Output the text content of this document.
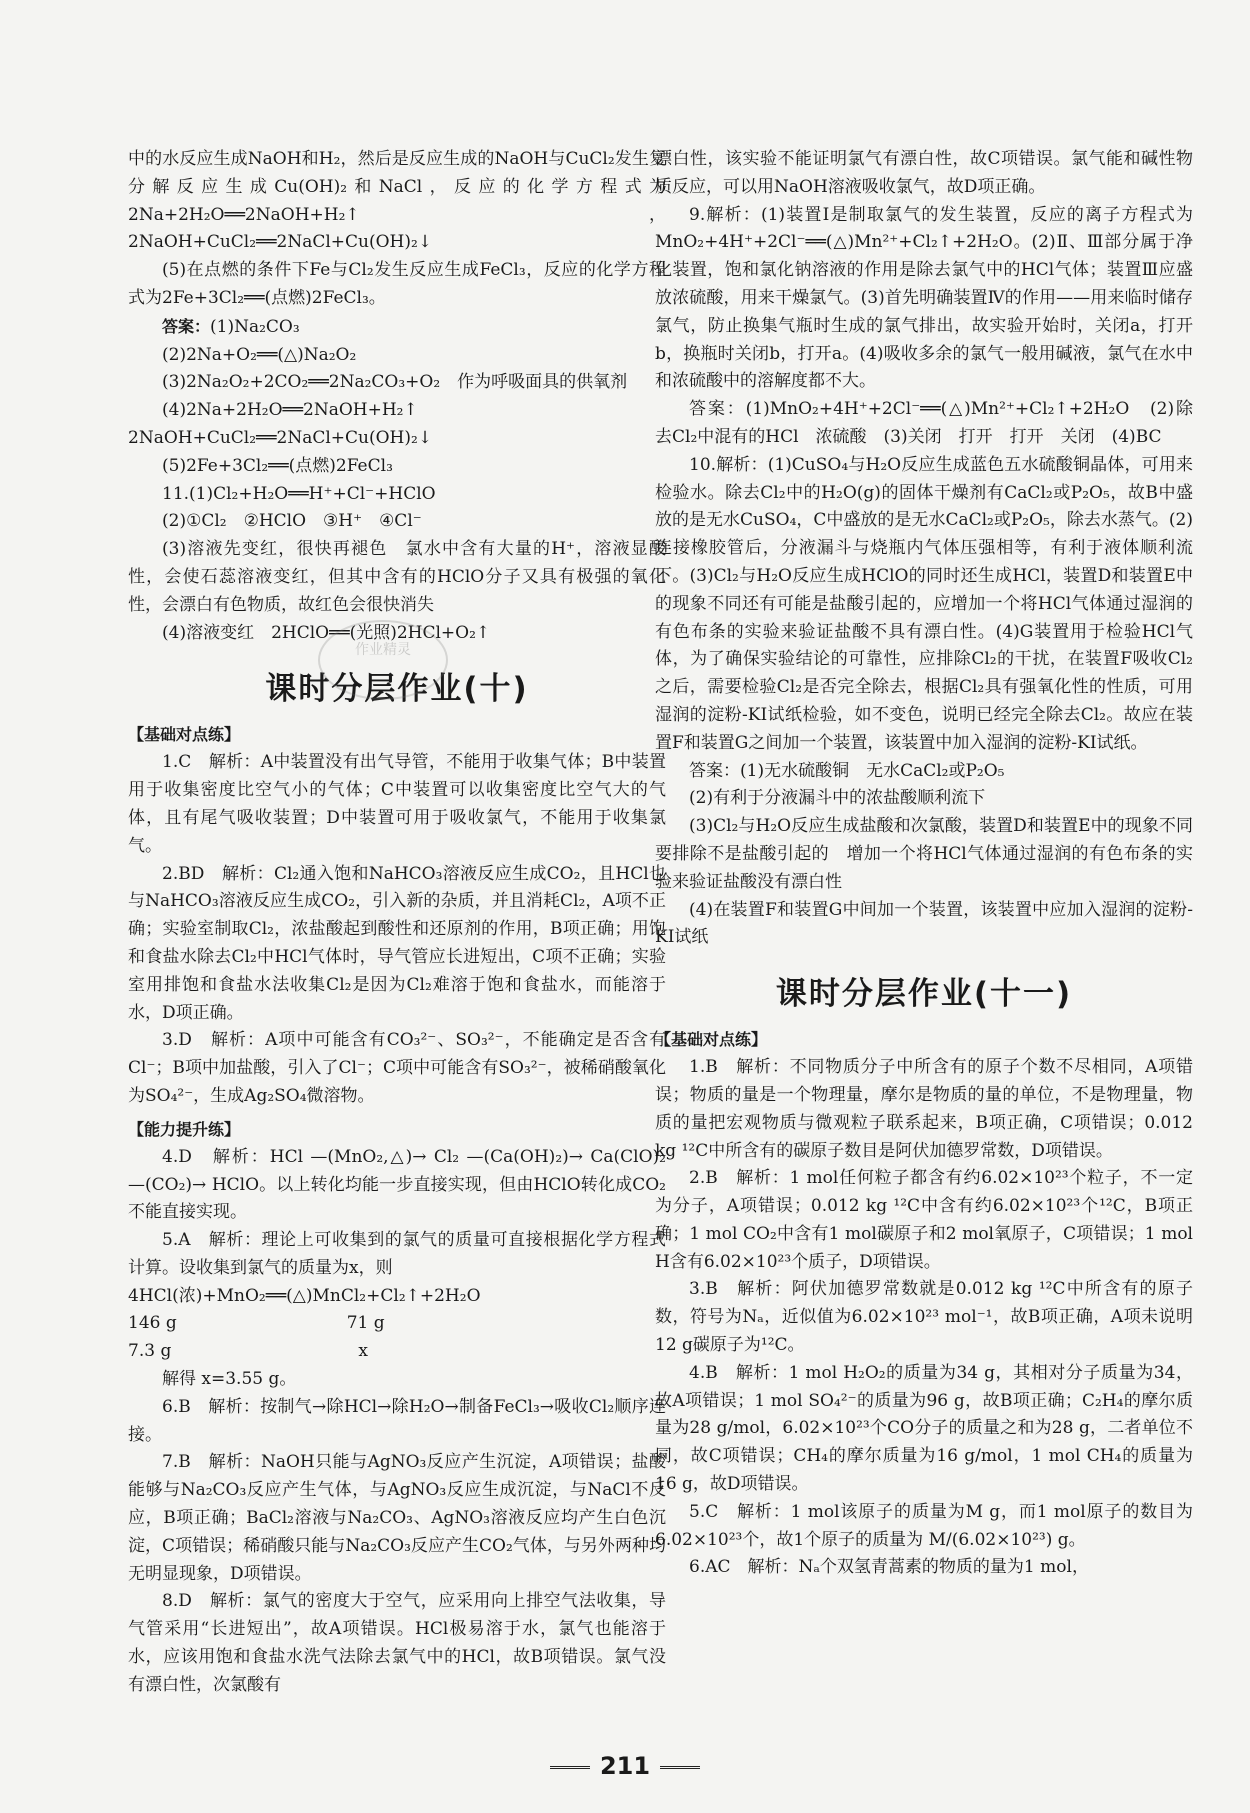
中的水反应生成NaOH和H₂，然后是反应生成的NaOH与CuCl₂发生复分解反应生成Cu(OH)₂和NaCl，反应的化学方程式为2Na+2H₂O══2NaOH+H₂↑，2NaOH+CuCl₂══2NaCl+Cu(OH)₂↓

(5)在点燃的条件下Fe与Cl₂发生反应生成FeCl₃，反应的化学方程式为2Fe+3Cl₂══(点燃)2FeCl₃。

答案：(1)Na₂CO₃

(2)2Na+O₂══(△)Na₂O₂

(3)2Na₂O₂+2CO₂══2Na₂CO₃+O₂　作为呼吸面具的供氧剂

(4)2Na+2H₂O══2NaOH+H₂↑　2NaOH+CuCl₂══2NaCl+Cu(OH)₂↓

(5)2Fe+3Cl₂══(点燃)2FeCl₃

11.(1)Cl₂+H₂O══H⁺+Cl⁻+HClO

(2)①Cl₂　②HClO　③H⁺　④Cl⁻

(3)溶液先变红，很快再褪色　氯水中含有大量的H⁺，溶液显酸性，会使石蕊溶液变红，但其中含有的HClO分子又具有极强的氧化性，会漂白有色物质，故红色会很快消失

(4)溶液变红　2HClO══(光照)2HCl+O₂↑

课时分层作业(十)
【基础对点练】

1.C　解析：A中装置没有出气导管，不能用于收集气体；B中装置用于收集密度比空气小的气体；C中装置可以收集密度比空气大的气体，且有尾气吸收装置；D中装置可用于吸收氯气，不能用于收集氯气。

2.BD　解析：Cl₂通入饱和NaHCO₃溶液反应生成CO₂，且HCl也与NaHCO₃溶液反应生成CO₂，引入新的杂质，并且消耗Cl₂，A项不正确；实验室制取Cl₂，浓盐酸起到酸性和还原剂的作用，B项正确；用饱和食盐水除去Cl₂中HCl气体时，导气管应长进短出，C项不正确；实验室用排饱和食盐水法收集Cl₂是因为Cl₂难溶于饱和食盐水，而能溶于水，D项正确。

3.D　解析：A项中可能含有CO₃²⁻、SO₃²⁻，不能确定是否含有Cl⁻；B项中加盐酸，引入了Cl⁻；C项中可能含有SO₃²⁻，被稀硝酸氧化为SO₄²⁻，生成Ag₂SO₄微溶物。

【能力提升练】

4.D　解析：HCl —(MnO₂,△)→ Cl₂ —(Ca(OH)₂)→ Ca(ClO)₂ —(CO₂)→ HClO。以上转化均能一步直接实现，但由HClO转化成CO₂不能直接实现。

5.A　解析：理论上可收集到的氯气的质量可直接根据化学方程式计算。设收集到氯气的质量为x，则

4HCl(浓)+MnO₂══(△)MnCl₂+Cl₂↑+2H₂O

146 g　　　　　　　　　　71 g

7.3 g　　　　　　　　　　　x

解得 x=3.55 g。

6.B　解析：按制气→除HCl→除H₂O→制备FeCl₃→吸收Cl₂顺序连接。

7.B　解析：NaOH只能与AgNO₃反应产生沉淀，A项错误；盐酸能够与Na₂CO₃反应产生气体，与AgNO₃反应生成沉淀，与NaCl不反应，B项正确；BaCl₂溶液与Na₂CO₃、AgNO₃溶液反应均产生白色沉淀，C项错误；稀硝酸只能与Na₂CO₃反应产生CO₂气体，与另外两种均无明显现象，D项错误。

8.D　解析：氯气的密度大于空气，应采用向上排空气法收集，导气管采用“长进短出”，故A项错误。HCl极易溶于水，氯气也能溶于水，应该用饱和食盐水洗气法除去氯气中的HCl，故B项错误。氯气没有漂白性，次氯酸有

作业精灵

漂白性，该实验不能证明氯气有漂白性，故C项错误。氯气能和碱性物质反应，可以用NaOH溶液吸收氯气，故D项正确。

9.解析：(1)装置Ⅰ是制取氯气的发生装置，反应的离子方程式为MnO₂+4H⁺+2Cl⁻══(△)Mn²⁺+Cl₂↑+2H₂O。(2)Ⅱ、Ⅲ部分属于净化装置，饱和氯化钠溶液的作用是除去氯气中的HCl气体；装置Ⅲ应盛放浓硫酸，用来干燥氯气。(3)首先明确装置Ⅳ的作用——用来临时储存氯气，防止换集气瓶时生成的氯气排出，故实验开始时，关闭a，打开b，换瓶时关闭b，打开a。(4)吸收多余的氯气一般用碱液，氯气在水中和浓硫酸中的溶解度都不大。

答案：(1)MnO₂+4H⁺+2Cl⁻══(△)Mn²⁺+Cl₂↑+2H₂O　(2)除去Cl₂中混有的HCl　浓硫酸　(3)关闭　打开　打开　关闭　(4)BC

10.解析：(1)CuSO₄与H₂O反应生成蓝色五水硫酸铜晶体，可用来检验水。除去Cl₂中的H₂O(g)的固体干燥剂有CaCl₂或P₂O₅，故B中盛放的是无水CuSO₄，C中盛放的是无水CaCl₂或P₂O₅，除去水蒸气。(2)连接橡胶管后，分液漏斗与烧瓶内气体压强相等，有利于液体顺利流下。(3)Cl₂与H₂O反应生成HClO的同时还生成HCl，装置D和装置E中的现象不同还有可能是盐酸引起的，应增加一个将HCl气体通过湿润的有色布条的实验来验证盐酸不具有漂白性。(4)G装置用于检验HCl气体，为了确保实验结论的可靠性，应排除Cl₂的干扰，在装置F吸收Cl₂之后，需要检验Cl₂是否完全除去，根据Cl₂具有强氧化性的性质，可用湿润的淀粉-KI试纸检验，如不变色，说明已经完全除去Cl₂。故应在装置F和装置G之间加一个装置，该装置中加入湿润的淀粉-KI试纸。

答案：(1)无水硫酸铜　无水CaCl₂或P₂O₅

(2)有利于分液漏斗中的浓盐酸顺利流下

(3)Cl₂与H₂O反应生成盐酸和次氯酸，装置D和装置E中的现象不同要排除不是盐酸引起的　增加一个将HCl气体通过湿润的有色布条的实验来验证盐酸没有漂白性

(4)在装置F和装置G中间加一个装置，该装置中应加入湿润的淀粉-KI试纸

课时分层作业(十一)
【基础对点练】

1.B　解析：不同物质分子中所含有的原子个数不尽相同，A项错误；物质的量是一个物理量，摩尔是物质的量的单位，不是物理量，物质的量把宏观物质与微观粒子联系起来，B项正确，C项错误；0.012 kg ¹²C中所含有的碳原子数目是阿伏加德罗常数，D项错误。

2.B　解析：1 mol任何粒子都含有约6.02×10²³个粒子，不一定为分子，A项错误；0.012 kg ¹²C中含有约6.02×10²³个¹²C，B项正确；1 mol CO₂中含有1 mol碳原子和2 mol氧原子，C项错误；1 mol H含有6.02×10²³个质子，D项错误。

3.B　解析：阿伏加德罗常数就是0.012 kg ¹²C中所含有的原子数，符号为Nₐ，近似值为6.02×10²³ mol⁻¹，故B项正确，A项未说明12 g碳原子为¹²C。

4.B　解析：1 mol H₂O₂的质量为34 g，其相对分子质量为34，故A项错误；1 mol SO₄²⁻的质量为96 g，故B项正确；C₂H₄的摩尔质量为28 g/mol，6.02×10²³个CO分子的质量之和为28 g，二者单位不同，故C项错误；CH₄的摩尔质量为16 g/mol，1 mol CH₄的质量为16 g，故D项错误。

5.C　解析：1 mol该原子的质量为M g，而1 mol原子的数目为6.02×10²³个，故1个原子的质量为 M/(6.02×10²³) g。

6.AC　解析：Nₐ个双氢青蒿素的物质的量为1 mol，

211
